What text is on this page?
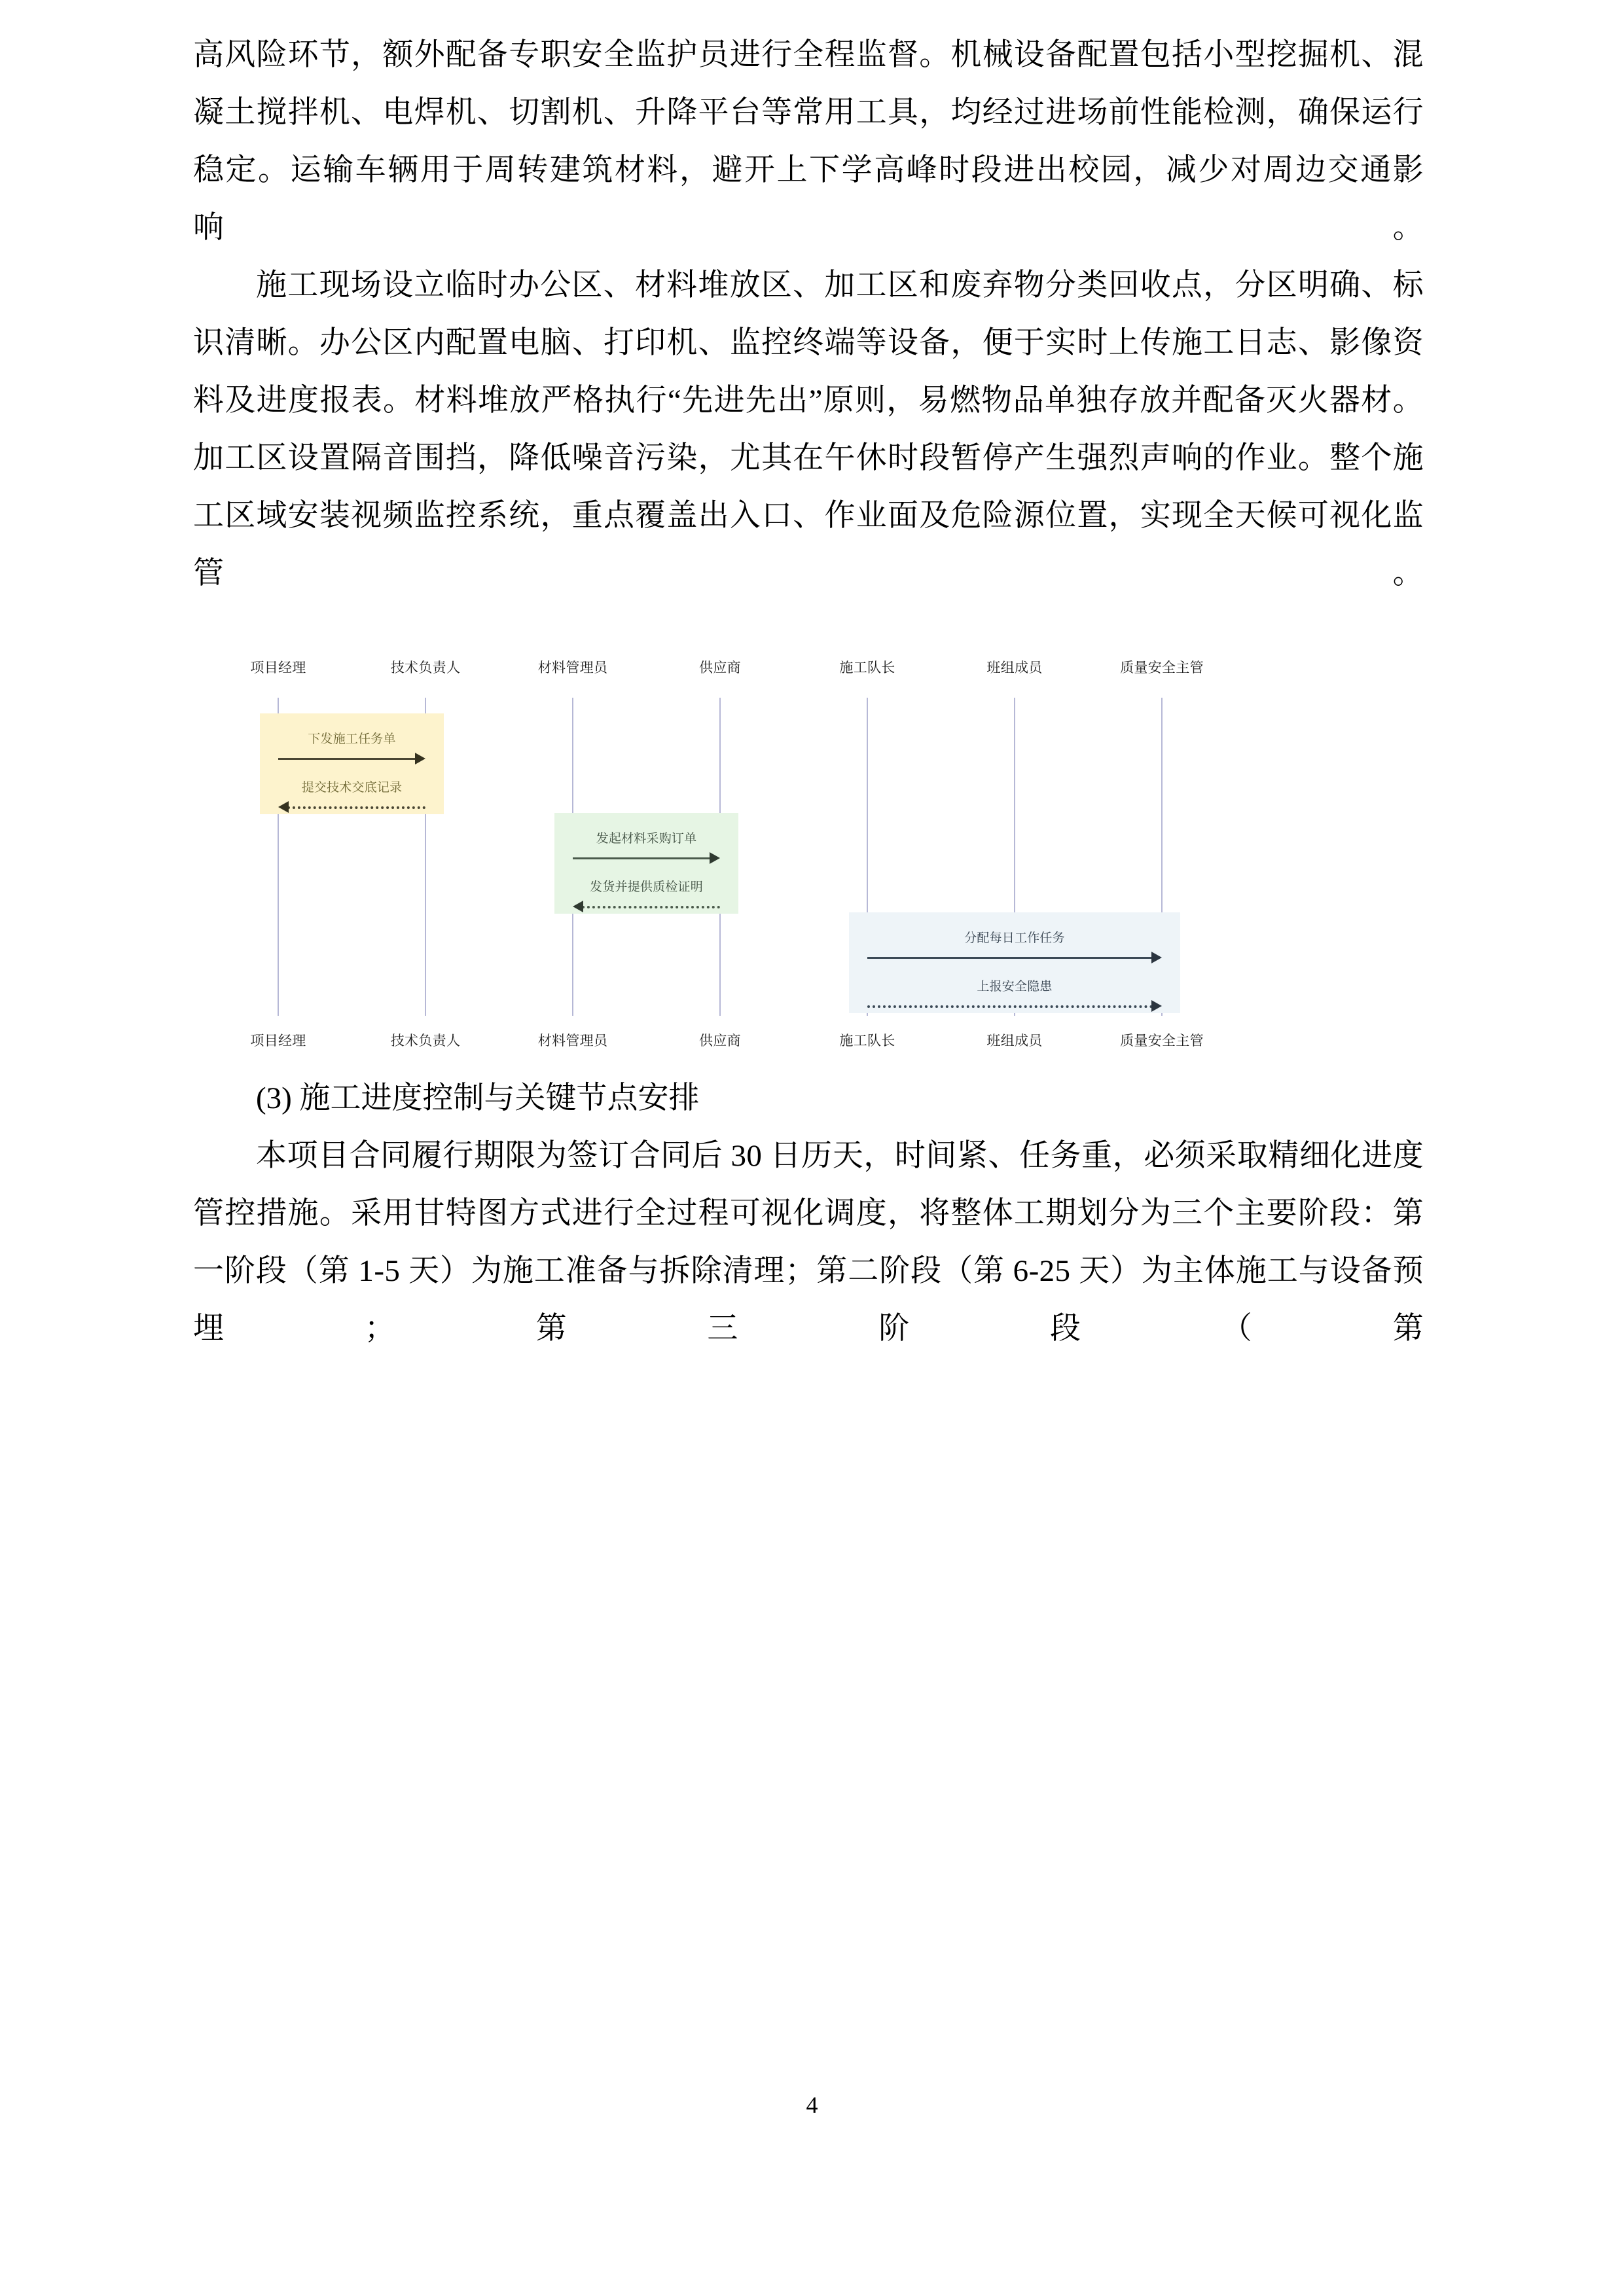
高风险环节，额外配备专职安全监护员进行全程监督。机械设备配置包括小型挖掘机、混凝土搅拌机、电焊机、切割机、升降平台等常用工具，均经过进场前性能检测，确保运行稳定。运输车辆用于周转建筑材料，避开上下学高峰时段进出校园，减少对周边交通影响。

施工现场设立临时办公区、材料堆放区、加工区和废弃物分类回收点，分区明确、标识清晰。办公区内配置电脑、打印机、监控终端等设备，便于实时上传施工日志、影像资料及进度报表。材料堆放严格执行“先进先出”原则，易燃物品单独存放并配备灭火器材。加工区设置隔音围挡，降低噪音污染，尤其在午休时段暂停产生强烈声响的作业。整个施工区域安装视频监控系统，重点覆盖出入口、作业面及危险源位置，实现全天候可视化监管。

项目经理
项目经理
技术负责人
技术负责人
材料管理员
材料管理员
供应商
供应商
施工队长
施工队长
班组成员
班组成员
质量安全主管
质量安全主管
下发施工任务单
提交技术交底记录
发起材料采购订单
发货并提供质检证明
分配每日工作任务
上报安全隐患

(3) 施工进度控制与关键节点安排

本项目合同履行期限为签订合同后 30 日历天，时间紧、任务重，必须采取精细化进度管控措施。采用甘特图方式进行全过程可视化调度，将整体工期划分为三个主要阶段：第一阶段（第 1‑5 天）为施工准备与拆除清理；第二阶段（第 6‑25 天）为主体施工与设备预埋；第三阶段（第

4
